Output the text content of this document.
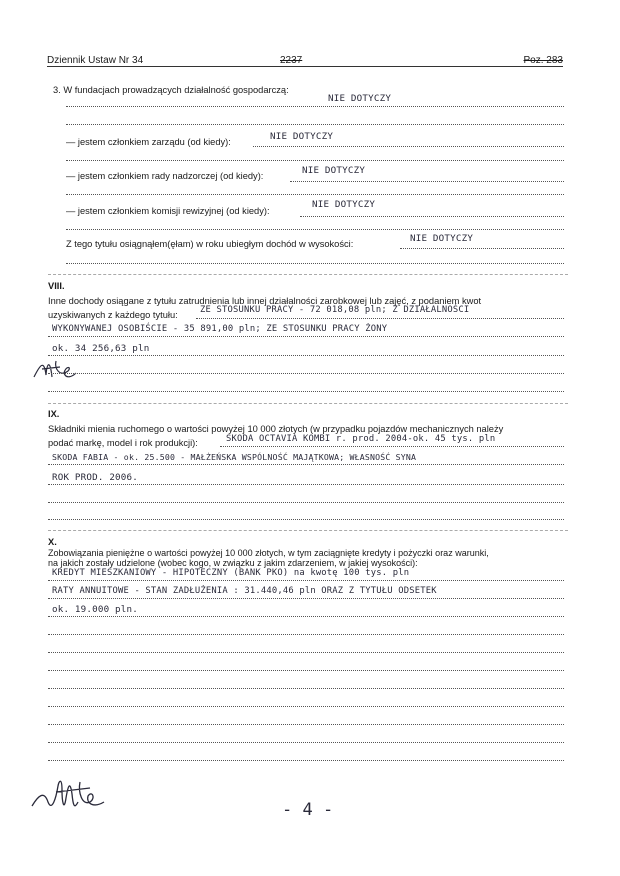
Dziennik Ustaw Nr 34	2237	Poz. 283
3. W fundacjach prowadzących działalność gospodarczą:
NIE DOTYCZY
— jestem członkiem zarządu (od kiedy):	NIE DOTYCZY
— jestem członkiem rady nadzorczej (od kiedy):	NIE DOTYCZY
— jestem członkiem komisji rewizyjnej (od kiedy):
NIE DOTYCZY
Z tego tytułu osiągnąłem(ęłam) w roku ubiegłym dochód w wysokości:	NIE DOTYCZY
VIII.
Inne dochody osiągane z tytułu zatrudnienia lub innej działalności zarobkowej lub zajęć, z podaniem kwot
uzyskiwanych z każdego tytułu:	ZE STOSUNKU PRACY - 72 018,08 pln; Z DZIAŁALNOŚCI
WYKONYWANEJ OSOBIŚCIE - 35 891,00 pln; ZE STOSUNKU PRACY ŻONY
ok. 34 256,63 pln
IX.
Składniki mienia ruchomego o wartości powyżej 10 000 złotych (w przypadku pojazdów mechanicznych należy
podać markę, model i rok produkcji):	SKODA OCTAVIA KOMBI r. prod. 2004-ok. 45 tys. pln
SKODA FABIA - ok. 25.500 - MAŁŻEŃSKA WSPÓLNOŚĆ MAJĄTKOWA; WŁASNOŚĆ SYNA
ROK PROD. 2006.
X.
Zobowiązania pieniężne o wartości powyżej 10 000 złotych, w tym zaciągnięte kredyty i pożyczki oraz warunki,
na jakich zostały udzielone (wobec kogo, w związku z jakim zdarzeniem, w jakiej wysokości):
KREDYT MIESZKANIOWY - HIPOTECZNY (BANK PKO) na kwotę 100 tys. pln
RATY ANNUITOWE - STAN ZADŁUŻENIA : 31.440,46 pln ORAZ Z TYTUŁU ODSETEK
ok. 19.000 pln.
- 4 -
